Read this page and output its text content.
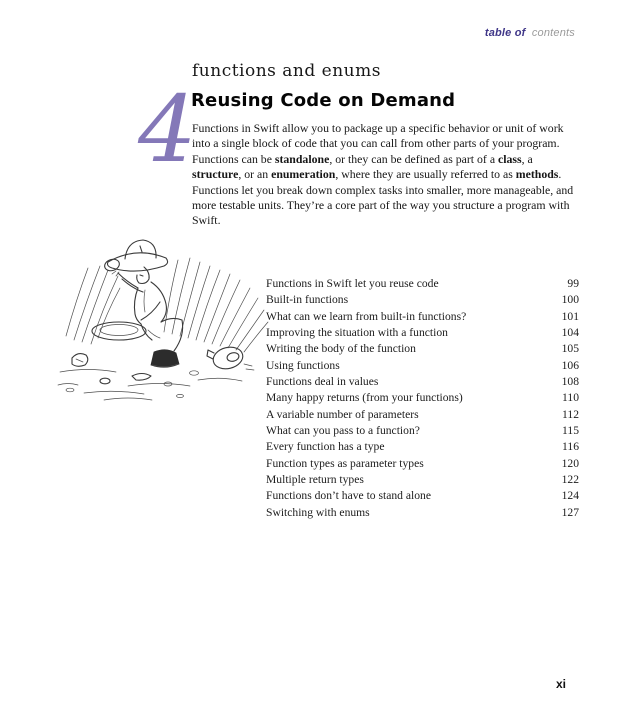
table of contents
4
functions and enums
Reusing Code on Demand

Functions in Swift allow you to package up a specific behavior or unit of work into a single block of code that you can call from other parts of your program. Functions can be standalone, or they can be defined as part of a class, a structure, or an enumeration, where they are usually referred to as methods. Functions let you break down complex tasks into smaller, more manageable, and more testable units. They’re a core part of the way you structure a program with Swift.

Functions in Swift let you reuse code	99
Built-in functions	100
What can we learn from built-in functions?	101
Improving the situation with a function	104
Writing the body of the function	105
Using functions	106
Functions deal in values	108
Many happy returns (from your functions)	110
A variable number of parameters	112
What can you pass to a function?	115
Every function has a type	116
Function types as parameter types	120
Multiple return types	122
Functions don’t have to stand alone	124
Switching with enums	127
xi
